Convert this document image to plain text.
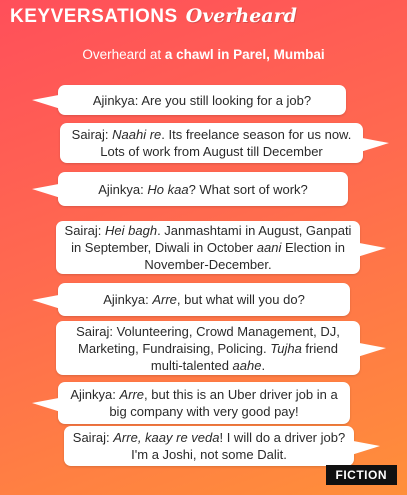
KEYVERSATIONS Overheard
Overheard at a chawl in Parel, Mumbai
Ajinkya: Are you still looking for a job?
Sairaj: Naahi re. Its freelance season for us now. Lots of work from August till December
Ajinkya: Ho kaa? What sort of work?
Sairaj: Hei bagh. Janmashtami in August, Ganpati in September, Diwali in October aani Election in November-December.
Ajinkya: Arre, but what will you do?
Sairaj: Volunteering, Crowd Management, DJ, Marketing, Fundraising, Policing. Tujha friend multi-talented aahe.
Ajinkya: Arre, but this is an Uber driver job in a big company with very good pay!
Sairaj: Arre, kaay re veda! I will do a driver job? I'm a Joshi, not some Dalit.
FICTION
